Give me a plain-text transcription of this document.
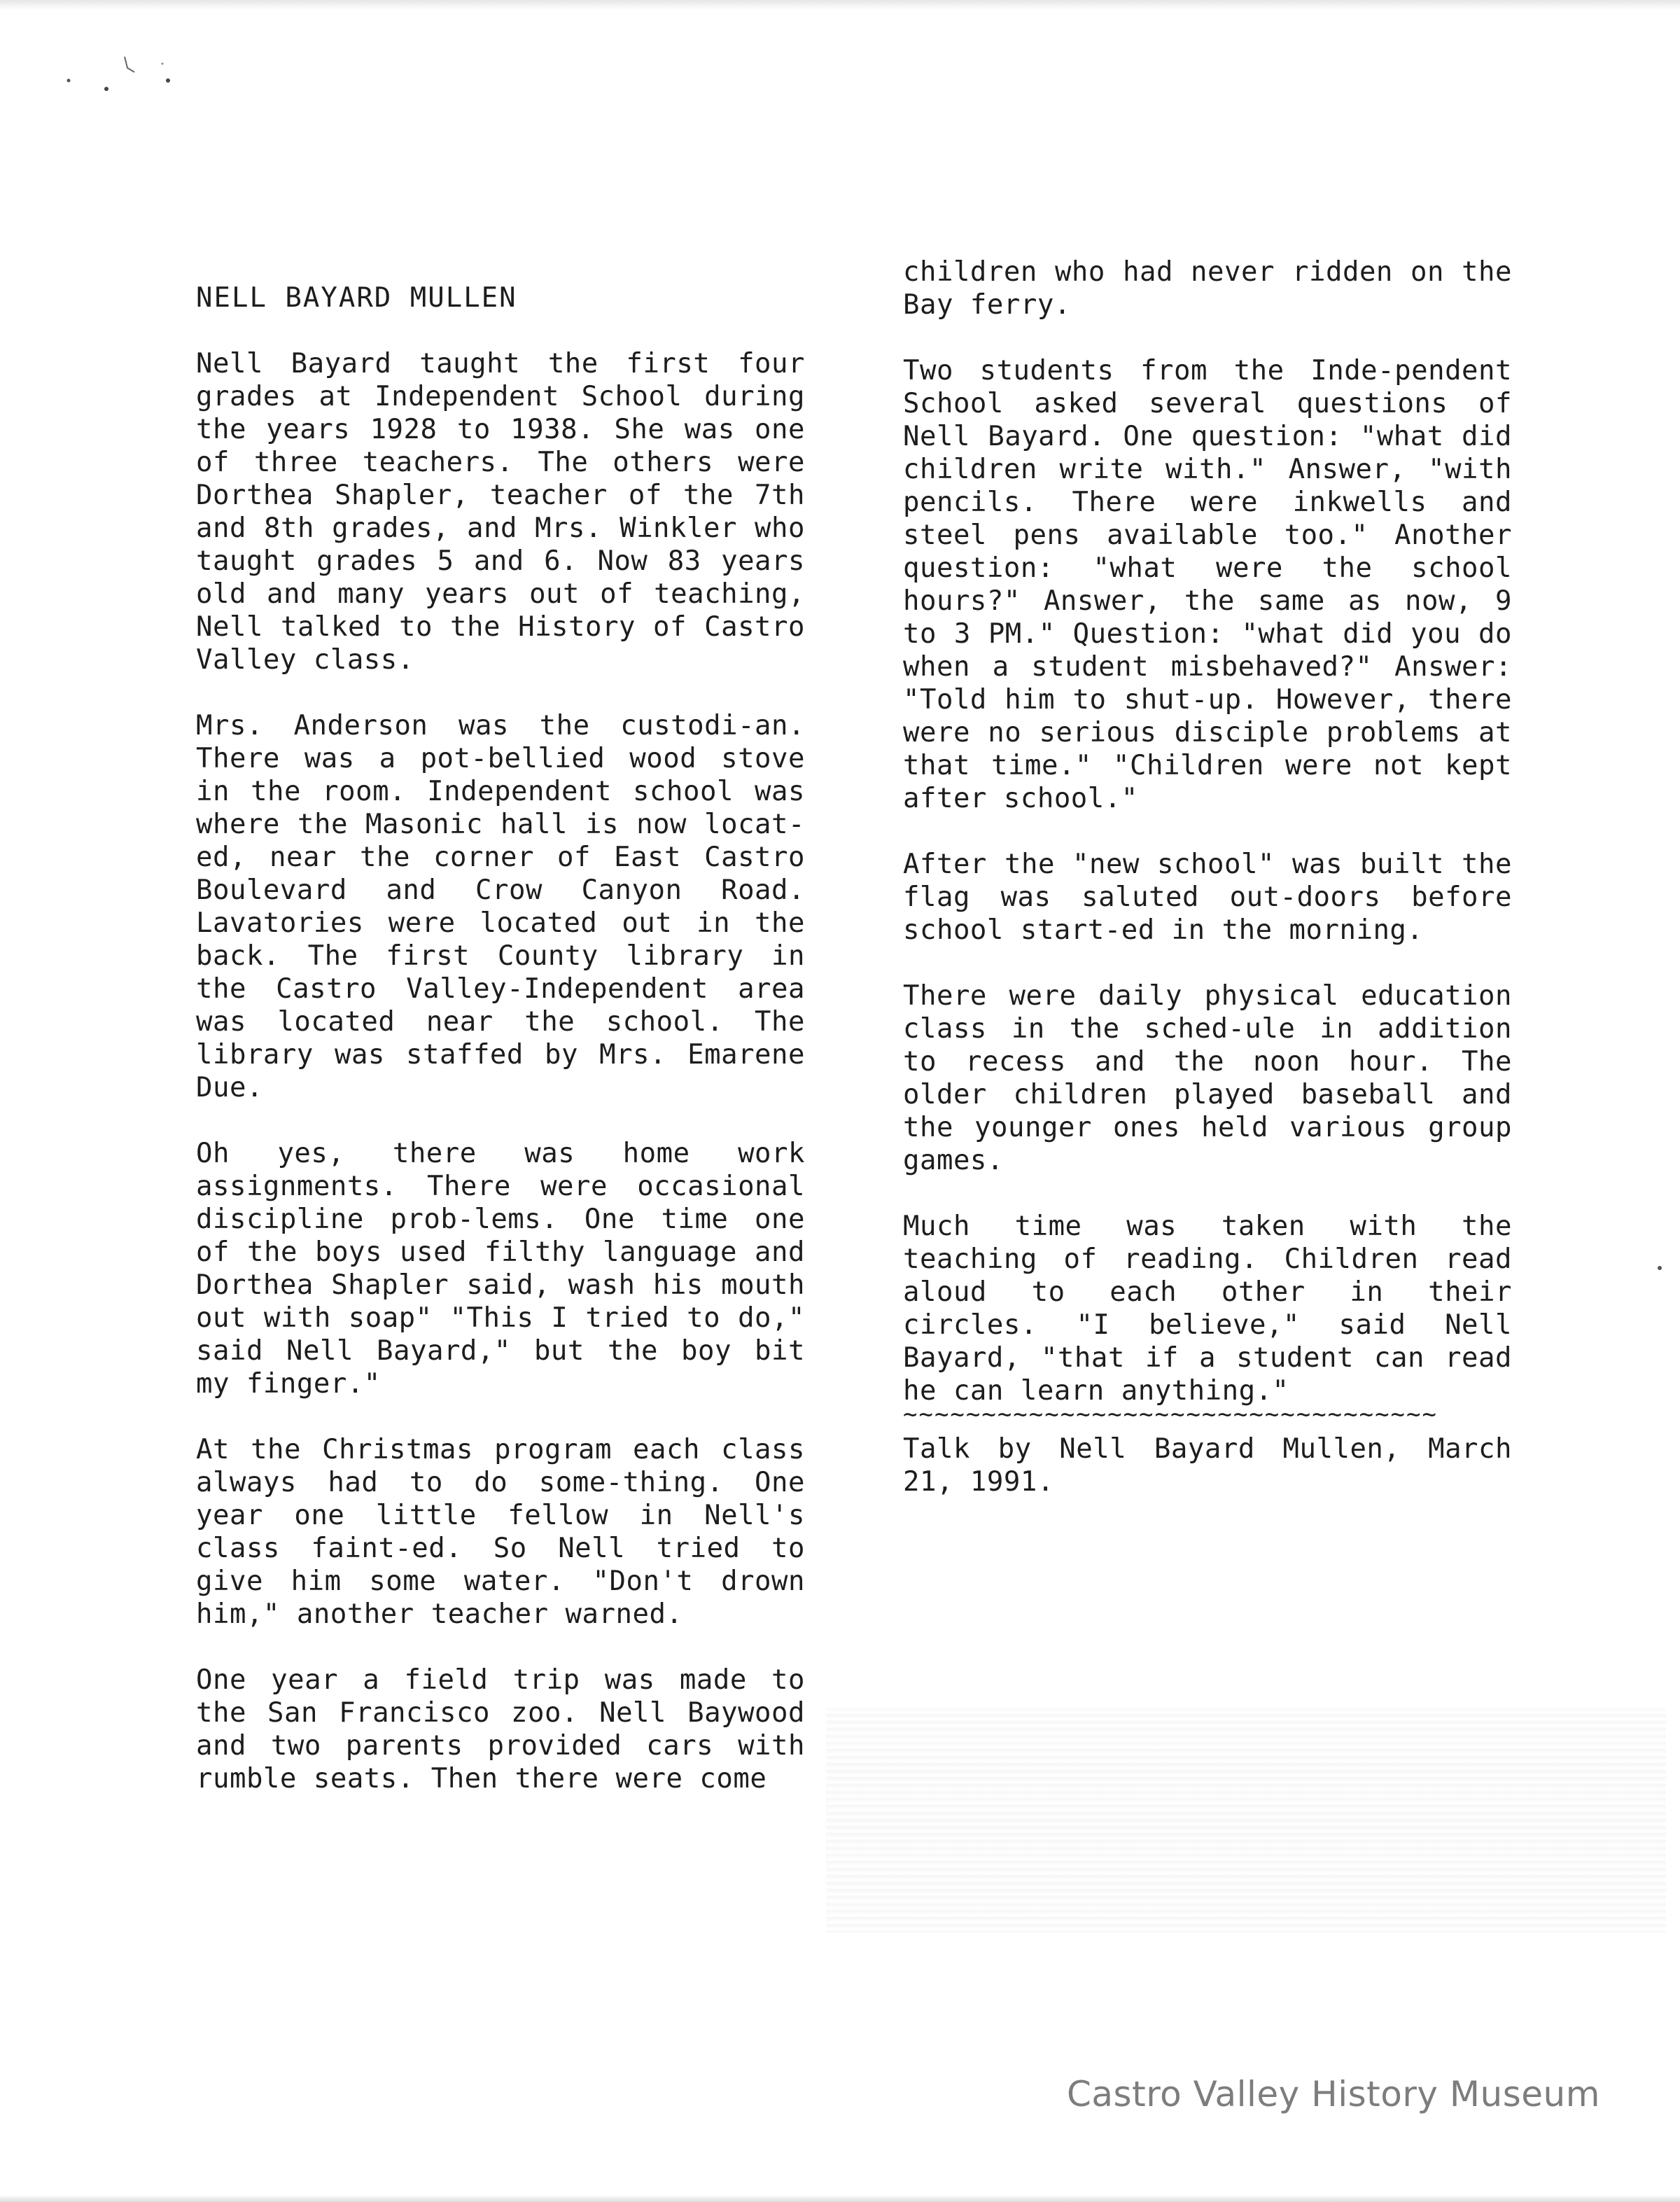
NELL BAYARD MULLEN

Nell Bayard taught the first four grades at Independent School during the years 1928 to 1938. She was one of three teachers. The others were Dorthea Shapler, teacher of the 7th and 8th grades, and Mrs. Winkler who taught grades 5 and 6. Now 83 years old and many years out of teaching, Nell talked to the History of Castro Valley class.

Mrs. Anderson was the custodi-an. There was a pot-bellied wood stove in the room. Independent school was where the Masonic hall is now locat-ed, near the corner of East Castro Boulevard and Crow Canyon Road. Lavatories were located out in the back. The first County library in the Castro Valley-Independent area was located near the school. The library was staffed by Mrs. Emarene Due.

Oh yes, there was home work assignments. There were occasional discipline prob-lems. One time one of the boys used filthy language and Dorthea Shapler said, wash his mouth out with soap" "This I tried to do," said Nell Bayard," but the boy bit my finger."

At the Christmas program each class always had to do some-thing. One year one little fellow in Nell's class faint-ed. So Nell tried to give him some water. "Don't drown him," another teacher warned.

One year a field trip was made to the San Francisco zoo. Nell Baywood and two parents provided cars with rumble seats. Then there were come

children who had never ridden on the Bay ferry.

Two students from the Inde-pendent School asked several questions of Nell Bayard. One question: "what did children write with." Answer, "with pencils. There were inkwells and steel pens available too." Another question: "what were the school hours?" Answer, the same as now, 9 to 3 PM." Question: "what did you do when a student misbehaved?" Answer: "Told him to shut-up. However, there were no serious disciple problems at that time." "Children were not kept after school."

After the "new school" was built the flag was saluted out-doors before school start-ed in the morning.

There were daily physical education class in the sched-ule in addition to recess and the noon hour. The older children played baseball and the younger ones held various group games.

Much time was taken with the teaching of reading. Children read aloud to each other in their circles. "I believe," said Nell Bayard, "that if a student can read he can learn anything."

~~~~~~~~~~~~~~~~~~~~~~~~~~~~~~~~~~

Talk by Nell Bayard Mullen, March 21, 1991.

Castro Valley History Museum
